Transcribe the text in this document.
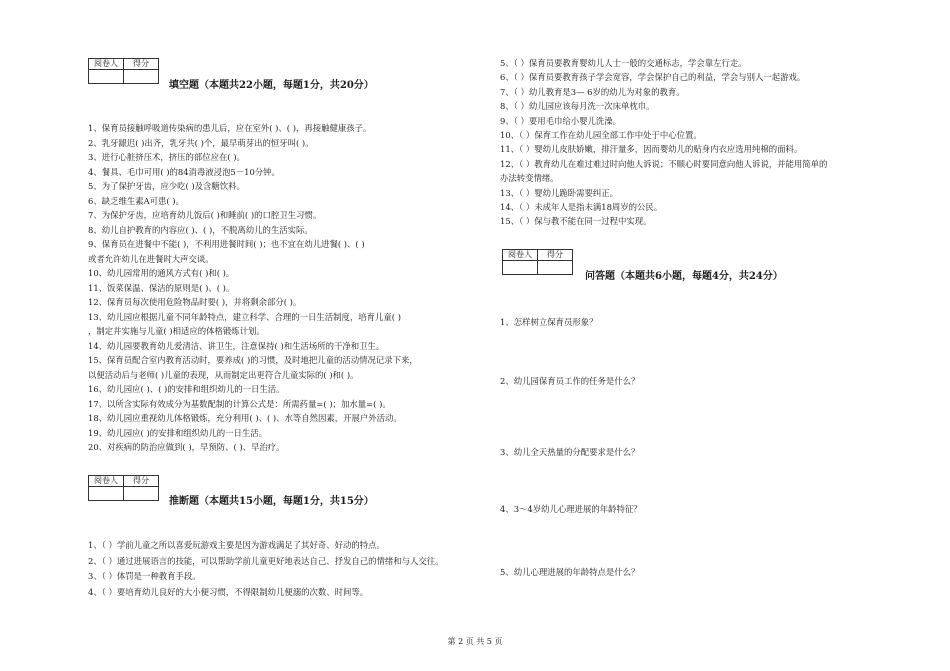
阅卷人	得分

填空题（本题共22小题，每题1分，共20分）
1、保育员接触呼吸道传染病的患儿后，应在室外( )、( )，再接触健康孩子。
2、乳牙龈迟( )出齐，乳牙共( )个，最早萌芽出的恒牙叫( )。
3、进行心脏挤压术，挤压的部位应在( )。
4、餐具、毛巾可用( )的84消毒液浸泡5－10分钟。
5、为了保护牙齿，应少吃( )及含糖饮料。
6、缺乏维生素A可患( )。
7、为保护牙齿，应培育幼儿饭后( )和睡前( )的口腔卫生习惯。
8、幼儿自护教育的内容应( )、( )，不脱离幼儿的生活实际。
9、保育员在进餐中不能( )，不利用进餐时间( )；也不宜在幼儿进餐( )、( )
或者允许幼儿在进餐时大声交谈。
10、幼儿园常用的通风方式有( )和( )。
11、饭菜保温、保洁的原则是( )、( )。
12、保育员每次使用危险物品时要( )，并将剩余部分( )。
13、幼儿园应根据儿童不同年龄特点，建立科学、合理的一日生活制度，培育儿童( )
，制定并实施与儿童( )相适应的体格锻炼计划。
14、幼儿园要教育幼儿爱清洁、讲卫生，注意保持( )和生活场所的干净和卫生。
15、保育员配合室内教育活动时，要养成( )的习惯，及时地把儿童的活动情况记录下来，
以便活动后与老师( )儿童的表现，从而制定出更符合儿童实际的( )和( )。
16、幼儿园应( )、( )的安排和组织幼儿的一日生活。
17、以所含实际有效成分为基数配制的计算公式是：所需药量=( )；加水量=( )。
18、幼儿园应重视幼儿体格锻炼，充分利用( )、( )、水等自然因素，开展户外活动。
19、幼儿园应( )的安排和组织幼儿的一日生活。
20、对疾病的防治应做到( )，早预防、( )、早治疗。
阅卷人	得分

推断题（本题共15小题，每题1分，共15分）
1、（ ）学前儿童之所以喜爱玩游戏主要是因为游戏满足了其好奇、好动的特点。
2、（ ）通过进展语言的技能，可以帮助学前儿童更好地表达自己、抒发自己的情绪和与人交往。
3、（ ）体罚是一种教育手段。
4、（ ）要培育幼儿良好的大小便习惯，不得限制幼儿便溺的次数、时间等。
5、（ ）保育员要教育婴幼儿人士一般的交通标志，学会靠左行走。
6、（ ）保育员要教育孩子学会宽容，学会保护自己的利益，学会与别人一起游戏。
7、（ ）幼儿教育是3— 6岁的幼儿为对象的教育。
8、（ ）幼儿园应该每月洗一次床单枕巾。
9、（ ）要用毛巾给小婴儿洗澡。
10、（ ）保育工作在幼儿园全部工作中处于中心位置。
11、（ ）婴幼儿皮肤娇嫩，排汗量多，因而婴幼儿的贴身内衣应选用纯棉的面料。
12、（ ）教育幼儿在难过难过时向他人诉说；不顺心时要同意向他人诉说，并能用简单的
办法转变情绪。
13、（ ）婴幼儿跪卧需要纠正。
14、（ ）未成年人是指未满18周岁的公民。
15、（ ）保与教不能在同一过程中实现。
阅卷人	得分

问答题（本题共6小题，每题4分，共24分）
1、怎样树立保育员形象？
2、幼儿园保育员工作的任务是什么？
3、幼儿全天热量的分配要求是什么？
4、3～4岁幼儿心理进展的年龄特征？
5、幼儿心理进展的年龄特点是什么？
第 2 页 共 5 页
